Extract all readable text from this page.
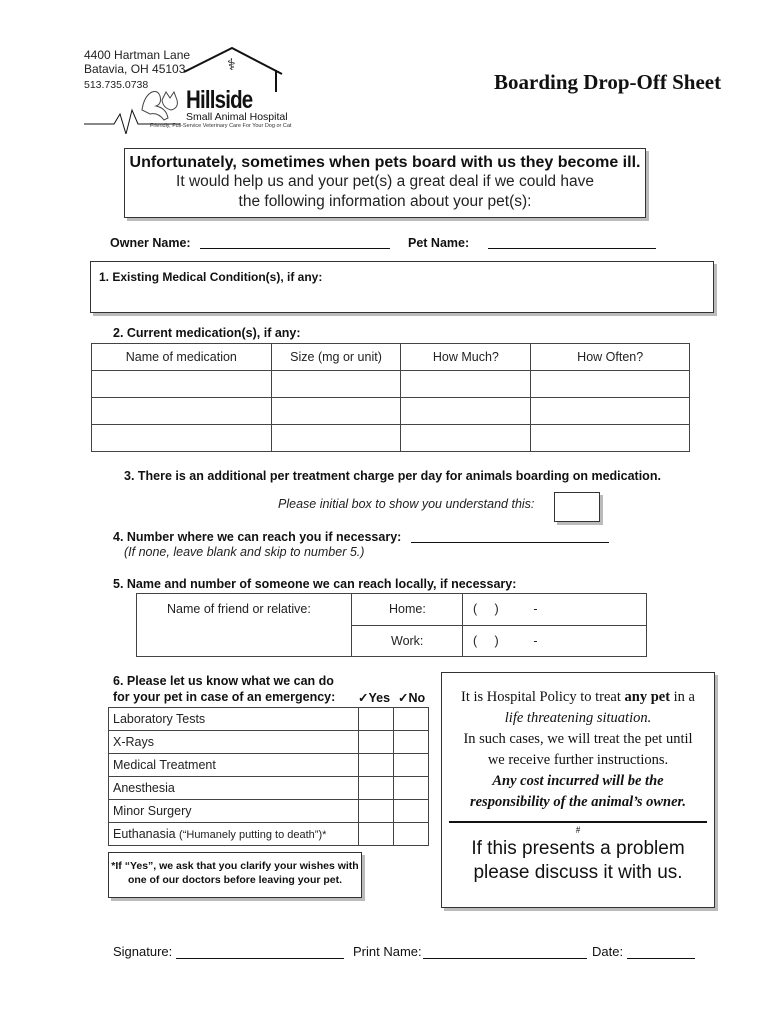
4400 Hartman Lane
Batavia, OH 45103
513.735.0738
⚕
Hillside
Small Animal Hospital
Friendly, Full-Service Veterinary Care For Your Dog or Cat
Boarding Drop-Off Sheet
Unfortunately, sometimes when pets board with us they become ill.
It would help us and your pet(s) a great deal if we could have
the following information about your pet(s):
Owner Name:	Pet Name:
1. Existing Medical Condition(s), if any:
2. Current medication(s), if any:
Name of medication	Size (mg or unit)	How Much?	How Often?

3. There is an additional per treatment charge per day for animals boarding on medication.
Please initial box to show you understand this:
4. Number where we can reach you if necessary:
(If none, leave blank and skip to number 5.)
5. Name and number of someone we can reach locally, if necessary:
Name of friend or relative:	Home:	(     )          -
Work:	(     )          -
6. Please let us know what we can do
for your pet in case of an emergency: ✓Yes ✓No
Laboratory Tests		
X-Rays		
Medical Treatment		
Anesthesia		
Minor Surgery		
Euthanasia (“Humanely putting to death”)*		
*If “Yes”, we ask that you clarify your wishes with
one of our doctors before leaving your pet.
It is Hospital Policy to treat any pet in a
life threatening situation.
In such cases, we will treat the pet until
we receive further instructions.
Any cost incurred will be the
responsibility of the animal’s owner.
#
If this presents a problem
please discuss it with us.
Signature:	Print Name:	Date:
